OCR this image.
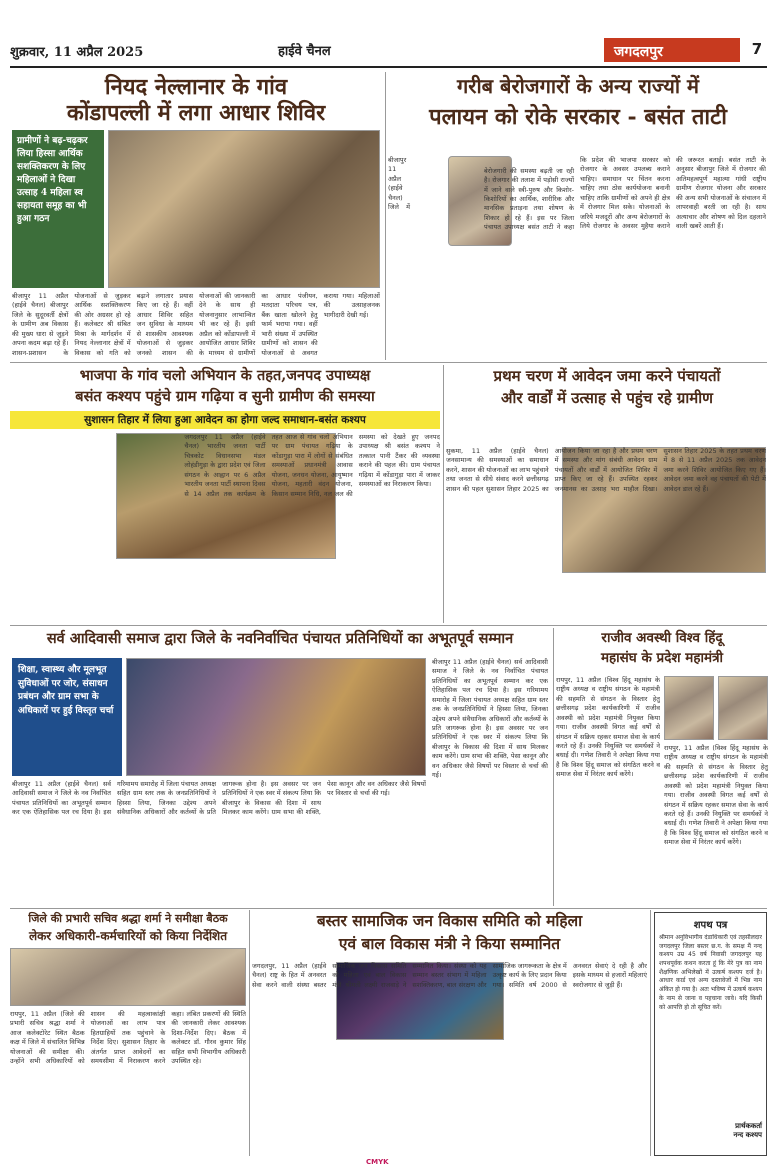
शुक्रवार, 11 अप्रैल 2025	हाईवे चैनल	जगदलपुर	7
नियद नेल्लानार के गांव
कोंडापल्ली में लगा आधार शिविर
ग्रामीणों ने बढ़-चढ़कर लिया हिस्सा आर्थिक सशक्तिकरण के लिए महिलाओं ने दिखा उत्साह 4 महिला स्व सहायता समूह का भी हुआ गठन
बीजापुर 11 अप्रैल (हाईवे चैनल) बीजापुर जिले के सुदूरवर्ती क्षेत्रों के ग्रामीण अब विकास की मुख्य धारा से जुड़ने अपना कदम बढ़ा रहे हैं। शासन-प्रशासन के योजनाओं से जुड़कर आर्थिक सशक्तिकरण की ओर अग्रसर हो रहे हैं। कलेक्टर श्री संबित मिश्रा के मार्गदर्शन में नियद नेल्लानार क्षेत्रों में विकास को गति को बढ़ाने लगातार प्रयास किए जा रहे हैं। वहीं आधार शिविर सहित जन सुविधा के माध्यम से शासकीय आवश्यक योजनाओं से जुड़कर जनको शासन की योजनाओं की जानकारी देने के साथ ही योजनानुसार लाभान्वित भी कर रहे हैं। इसी अप्रैल को कोंडापल्ली में आयोजित आधार शिविर के माध्यम से ग्रामीणों का आधार पंजीयन, मतदाता परिचय पत्र, बैंक खाता खोलने हेतु फार्म भराया गया। वहीं भारी संख्या में उपस्थित ग्रामीणों को शासन की योजनाओं से अवगत कराया गया। महिलाओं की उत्साहजनक भागीदारी देखी गई।
गरीब बेरोजगारों के अन्य राज्यों में
पलायन को रोके सरकार - बसंत ताटी
बीजापुर 11 अप्रैल (हाईवे चैनल) जिले में बेरोजगारी की समस्या बढ़ती जा रही है। रोजगार की तलाश में पड़ोसी राज्यों में जाने वाले स्त्री-पुरुष और किशोर-किशोरियों का आर्थिक, शारीरिक और मानसिक प्रताड़ना तथा शोषण के शिकार हो रहे हैं। इस पर जिला पंचायत उपाध्यक्ष बसंत ताटी ने कहा कि प्रदेश की भाजपा सरकार को रोजगार के अवसर उपलब्ध कराने चाहिए। समाधान पर चिंतन करना चाहिए तथा ठोस कार्ययोजना बनानी चाहिए ताकि ग्रामीणों को अपने ही क्षेत्र में रोजगार मिल सके। योजनाओं के जरिये मजदूरों और अन्य बेरोजगारों के लिये रोजगार के अवसर मुहैया कराने की जरूरत बताई। बसंत ताटी के अनुसार बीजापुर जिले में रोजगार की अतिमहत्वपूर्ण महात्मा गांधी राष्ट्रीय ग्रामीण रोजगार योजना और सरकार की अन्य सभी योजनाओं के संचालन में लापरवाही बरती जा रही है। साथ अत्याचार और शोषण को दिल दहलाने वाली खबरें आती हैं।
भाजपा के गांव चलो अभियान के तहत,जनपद उपाध्यक्ष
बसंत कश्यप पहुंचे ग्राम गढ़िया व सुनी ग्रामीण की समस्या
सुशासन तिहार में लिया हुआ आवेदन का होगा जल्द समाधान-बसंत कश्यप
जगदलपुर 11 अप्रैल (हाईवे चैनल) भारतीय जनता पार्टी चित्रकोट विधानसभा मंडल लोहंडीगुड़ा के द्वारा प्रदेश एवं जिला संगठन के आह्वान पर 6 अप्रैल भारतीय जनता पार्टी स्थापना दिवस से 14 अप्रैल तक कार्यक्रम के तहत आज से गांव चलो अभियान पर ग्राम पंचायत गढ़िया के कोंडागुड़ा पारा में लोगों से संबंधित समस्याओं प्रधानमंत्री आवास योजना, जनधन योजना, आयुष्मान योजना, महतारी वंदन योजना, किसान सम्मान निधि, नल जल की समस्या को देखते हुए जनपद उपाध्यक्ष श्री बसंत कश्यप ने तत्काल पानी टैंकर की व्यवस्था कराने की पहल की। ग्राम पंचायत गढ़िया में कोंडागुड़ा पारा में जाकर समस्याओं का निराकरण किया।
प्रथम चरण में आवेदन जमा करने पंचायतों
और वार्डों में उत्साह से पहुंच रहे ग्रामीण
सुकमा, 11 अप्रैल (हाईवे चैनल) जनसामान्य की समस्याओं का समाधान करने, शासन की योजनाओं का लाभ पहुंचाने तथा जनता से सीधे संवाद करने छत्तीसगढ़ शासन की पहल सुशासन तिहार 2025 का आयोजन किया जा रहा है और प्रथम चरण में समस्या और मांग संबंधी आवेदन ग्राम पंचायतों और वार्डों में आयोजित शिविर में प्राप्त किए जा रहे हैं। उपस्थित रहकर जनमानस का उत्साह भरा माहौल दिखा। सुशासन तिहार 2025 के तहत प्रथम चरण में 8 से 11 अप्रैल 2025 तक आवेदन जमा करने शिविर आयोजित किए गए हैं। आवेदन जमा करने वह पंचायतों की पेटी में आवेदन डाल रहे हैं।
सर्व आदिवासी समाज द्वारा जिले के नवनिर्वाचित पंचायत प्रतिनिधियों का अभूतपूर्व सम्मान
शिक्षा, स्वास्थ्य और मूलभूत सुविधाओं पर जोर, संसाधन प्रबंधन और ग्राम सभा के अधिकारों पर हुई विस्तृत चर्चा
बीजापुर 11 अप्रैल (हाईवे चैनल) सर्व आदिवासी समाज ने जिले के नव निर्वाचित पंचायत प्रतिनिधियों का अभूतपूर्व सम्मान कर एक ऐतिहासिक पल रच दिया है। इस गरिमामय समारोह में जिला पंचायत अध्यक्ष सहित ग्राम स्तर तक के जनप्रतिनिधियों ने हिस्सा लिया, जिनका उद्देश्य अपने संवैधानिक अधिकारों और कर्तव्यों के प्रति जागरूक होना है। इस अवसर पर जन प्रतिनिधियों ने एक स्वर में संकल्प लिया कि बीजापुर के विकास की दिशा में साथ मिलकर काम करेंगे। ग्राम सभा की शक्ति, पेसा कानून और वन अधिकार जैसे विषयों पर विस्तार से चर्चा की गई।
बीजापुर 11 अप्रैल (हाईवे चैनल) सर्व आदिवासी समाज ने जिले के नव निर्वाचित पंचायत प्रतिनिधियों का अभूतपूर्व सम्मान कर एक ऐतिहासिक पल रच दिया है। इस गरिमामय समारोह में जिला पंचायत अध्यक्ष सहित ग्राम स्तर तक के जनप्रतिनिधियों ने हिस्सा लिया, जिनका उद्देश्य अपने संवैधानिक अधिकारों और कर्तव्यों के प्रति जागरूक होना है। इस अवसर पर जन प्रतिनिधियों ने एक स्वर में संकल्प लिया कि बीजापुर के विकास की दिशा में साथ मिलकर काम करेंगे। ग्राम सभा की शक्ति, पेसा कानून और वन अधिकार जैसे विषयों पर विस्तार से चर्चा की गई।
राजीव अवस्थी विश्व हिंदू
महासंघ के प्रदेश महामंत्री
रायपुर, 11 अप्रैल (विश्व हिंदू महासंघ के राष्ट्रीय अध्यक्ष व राष्ट्रीय संगठन के महामंत्री की सहमति से संगठन के विस्तार हेतु छत्तीसगढ़ प्रदेश कार्यकारिणी में राजीव अवस्थी को प्रदेश महामंत्री नियुक्त किया गया। राजीव अवस्थी विगत कई वर्षों से संगठन में सक्रिय रहकर समाज सेवा के कार्य करते रहे हैं। उनकी नियुक्ति पर समर्थकों ने बधाई दी। गणेश तिवारी ने अपेक्षा किया गया है कि विश्व हिंदू समाज को संगठित करने व समाज सेवा में निरंतर कार्य करेंगे।
रायपुर, 11 अप्रैल (विश्व हिंदू महासंघ के राष्ट्रीय अध्यक्ष व राष्ट्रीय संगठन के महामंत्री की सहमति से संगठन के विस्तार हेतु छत्तीसगढ़ प्रदेश कार्यकारिणी में राजीव अवस्थी को प्रदेश महामंत्री नियुक्त किया गया। राजीव अवस्थी विगत कई वर्षों से संगठन में सक्रिय रहकर समाज सेवा के कार्य करते रहे हैं। उनकी नियुक्ति पर समर्थकों ने बधाई दी। गणेश तिवारी ने अपेक्षा किया गया है कि विश्व हिंदू समाज को संगठित करने व समाज सेवा में निरंतर कार्य करेंगे।
जिले की प्रभारी सचिव श्रद्धा शर्मा ने समीक्षा बैठक
लेकर अधिकारी-कर्मचारियों को किया निर्देशित
रायपुर, 11 अप्रैल (जिले की प्रभारी सचिव श्रद्धा शर्मा ने आज कलेक्टोरेट स्थित बैठक कक्ष में जिले में संचालित विभिन्न योजनाओं की समीक्षा की। उन्होंने सभी अधिकारियों को शासन की महत्वाकांक्षी योजनाओं का लाभ पात्र हितग्राहियों तक पहुंचाने के निर्देश दिए। सुशासन तिहार के अंतर्गत प्राप्त आवेदनों का समयसीमा में निराकरण करने कहा। लंबित प्रकरणों की स्थिति की जानकारी लेकर आवश्यक दिशा-निर्देश दिए। बैठक में कलेक्टर डॉ. गौरव कुमार सिंह सहित सभी विभागीय अधिकारी उपस्थित रहे।
बस्तर सामाजिक जन विकास समिति को महिला
एवं बाल विकास मंत्री ने किया सम्मानित
जगदलपुर, 11 अप्रैल (हाईवे चैनल) राष्ट्र के हित में अनवरत सेवा करने वाली संस्था बस्तर सामाजिक जन विकास समिति को महिला एवं बाल विकास मंत्री श्रीमती लक्ष्मी राजवाड़े ने सम्मानित किया। संस्था को यह सम्मान बस्तर संभाग में महिला सशक्तिकरण, बाल संरक्षण और सामाजिक जागरूकता के क्षेत्र में उत्कृष्ट कार्य के लिए प्रदान किया गया। समिति वर्ष 2000 से अनवरत सेवाएं दे रही है और इसके माध्यम से हजारों महिलाएं स्वरोजगार से जुड़ी हैं।
शपथ पत्र
श्रीमान अनुविभागीय दंडाधिकारी एवं तहसीलदार जगदलपुर जिला बस्तर छ.ग. के समक्ष मैं नन्द कश्यप उम्र 45 वर्ष निवासी जगदलपुर यह शपथपूर्वक कथन करता हूं कि मेरे पुत्र का नाम शैक्षणिक अभिलेखों में उत्कर्ष कश्यप दर्ज है। आधार कार्ड एवं अन्य दस्तावेजों में भिन्न नाम अंकित हो गया है। अतः भविष्य में उत्कर्ष कश्यप के नाम से जाना व पहचाना जावे। यदि किसी को आपत्ति हो तो सूचित करें।
प्रार्थककर्ता
नन्द कश्यप
CMYK
